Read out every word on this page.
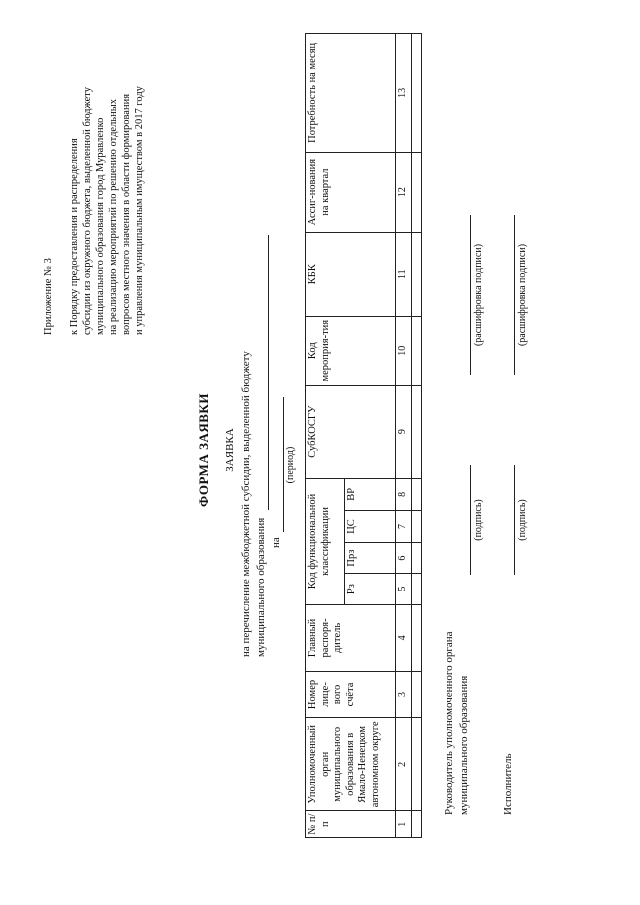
Приложение № 3 к Порядку предоставления и распределения субсидии из окружного бюджета, выделенной бюджету муниципального образования город Муравленко на реализацию мероприятий по решению отдельных вопросов местного значения в области формирования и управления муниципальным имуществом в 2017 году
ФОРМА ЗАЯВКИ ЗАЯВКА на перечисление межбюджетной субсидии, выделенной бюджету муниципального образования на
(период)
№ п/п	Уполномоченный орган муниципального образования в Ямало-Ненецком автономном округе	Номер лице-вого счёта	Главный распоря-дитель	Код функциональной классификации				СубКОСГУ	Код мероприя-тия	КБК	Ассиг-нования на квартал	Потребность на месяц
				Рз	Прз	ЦС	ВР					
1	2	3	4	5	6	7	8	9	10	11	12	13

Руководитель уполномоченного органа муниципального образования
(подпись)
(расшифровка подписи)
Исполнитель
(подпись)
(расшифровка подписи)
